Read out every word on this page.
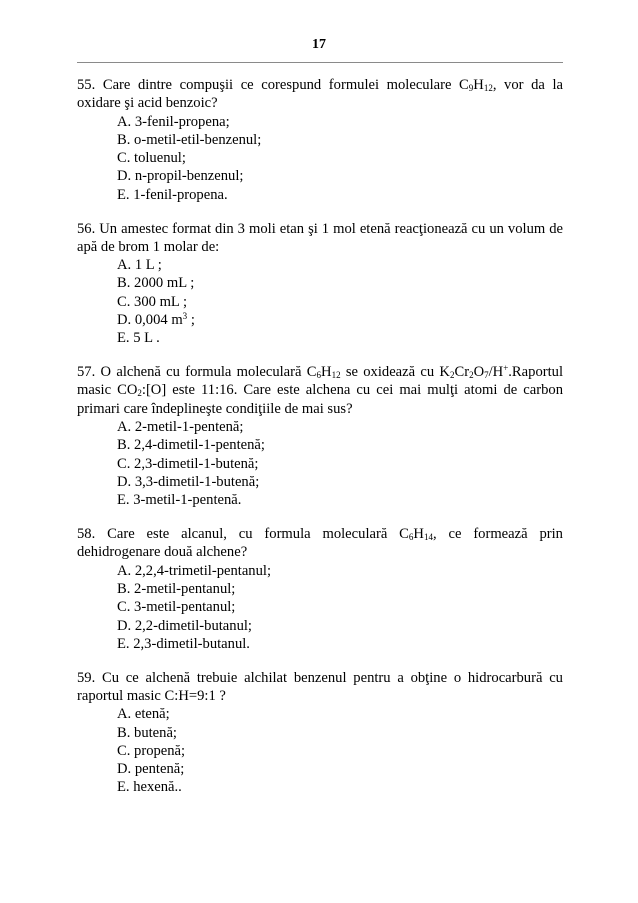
17
55. Care dintre compuşii ce corespund formulei moleculare $C_9H_{12}$, vor da la oxidare şi acid benzoic?
A. 3-fenil-propena;
B. o-metil-etil-benzenul;
C. toluenul;
D. n-propil-benzenul;
E. 1-fenil-propena.
56. Un amestec format din 3 moli etan şi 1 mol etenă reacţionează cu un volum de apă de brom 1 molar de:
A. 1 L ;
B. 2000 mL ;
C. 300 mL ;
D. 0,004 $m^3$ ;
E. 5 L .
57. O alchenă cu formula moleculară $C_6H_{12}$ se oxidează cu $K_2Cr_2O_7/H^+.Raportul$ masic $CO_2:[O]$ este 11:16. Care este alchena cu cei mai mulţi atomi de carbon primari care îndeplineşte condiţiile de mai sus?
A. 2-metil-1-pentenă;
B. 2,4-dimetil-1-pentenă;
C. 2,3-dimetil-1-butenă;
D. 3,3-dimetil-1-butenă;
E. 3-metil-1-pentenă.
58. Care este alcanul, cu formula moleculară $C_6H_{14}$, ce formează prin dehidrogenare două alchene?
A. 2,2,4-trimetil-pentanul;
B. 2-metil-pentanul;
C. 3-metil-pentanul;
D. 2,2-dimetil-butanul;
E. 2,3-dimetil-butanul.
59. Cu ce alchenă trebuie alchilat benzenul pentru a obţine o hidrocarbură cu raportul masic C:H=9:1 ?
A. etenă;
B. butenă;
C. propenă;
D. pentenă;
E. hexenă..
